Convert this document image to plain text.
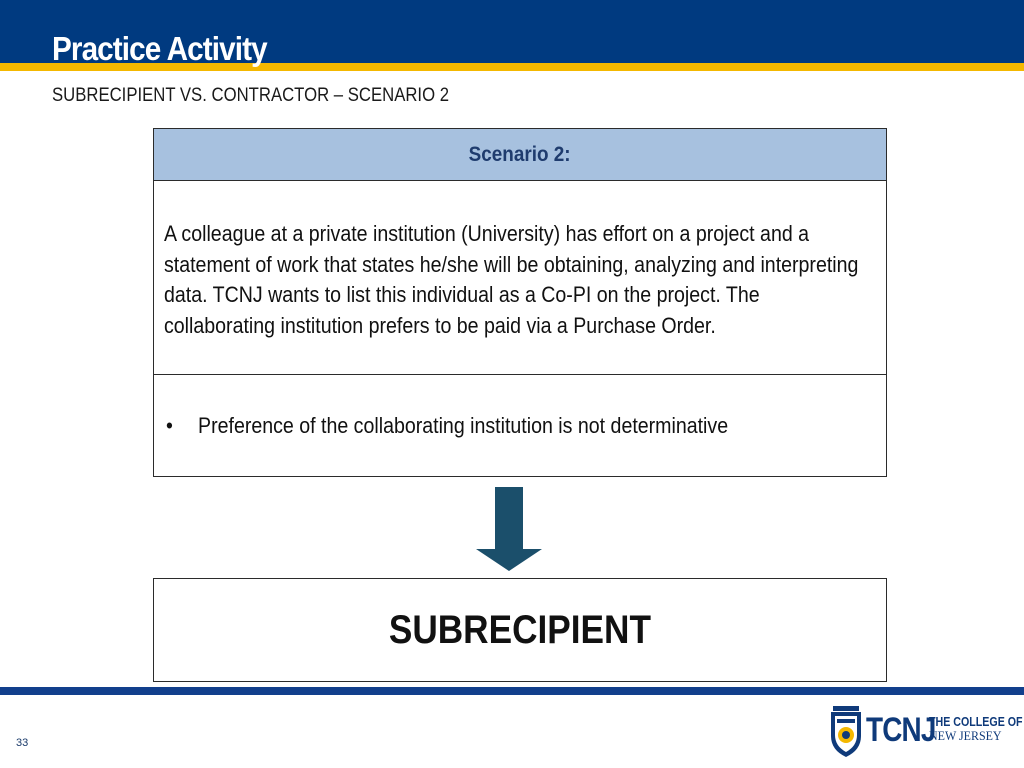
Practice Activity
SUBRECIPIENT VS. CONTRACTOR – SCENARIO 2
Scenario 2:

A colleague at a private institution (University) has effort on a project and a statement of work that states he/she will be obtaining, analyzing and interpreting data. TCNJ wants to list this individual as a Co-PI on the project. The collaborating institution prefers to be paid via a Purchase Order.

• Preference of the collaborating institution is not determinative
SUBRECIPIENT
33	TCNJ
THE COLLEGE OF
NEW JERSEY
